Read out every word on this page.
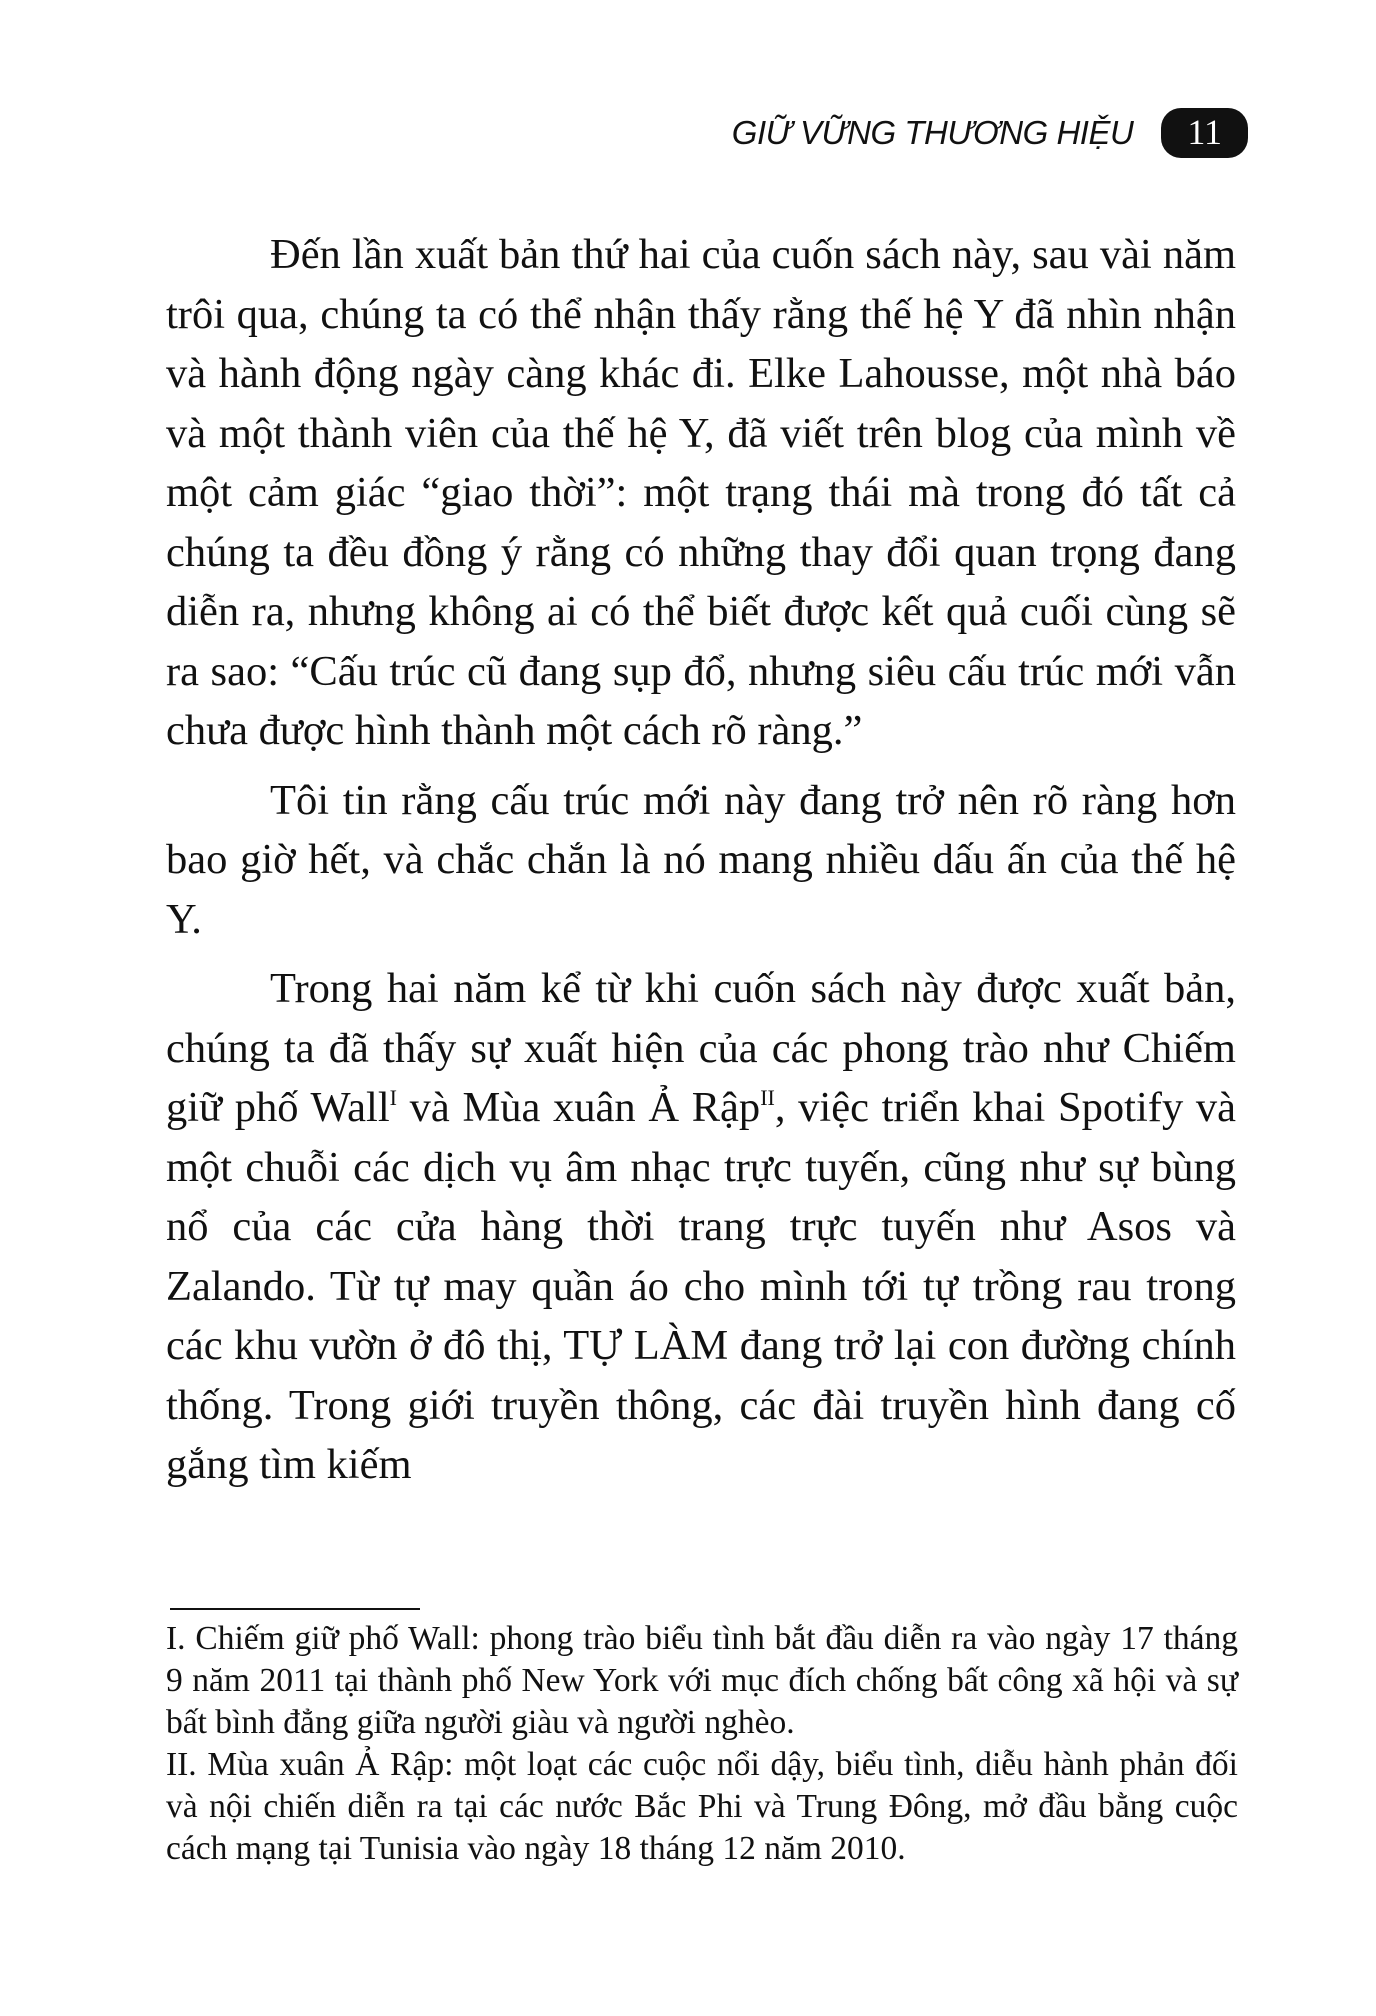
GIỮ VỮNG THƯƠNG HIỆU	11

Đến lần xuất bản thứ hai của cuốn sách này, sau vài năm trôi qua, chúng ta có thể nhận thấy rằng thế hệ Y đã nhìn nhận và hành động ngày càng khác đi. Elke Lahousse, một nhà báo và một thành viên của thế hệ Y, đã viết trên blog của mình về một cảm giác “giao thời”: một trạng thái mà trong đó tất cả chúng ta đều đồng ý rằng có những thay đổi quan trọng đang diễn ra, nhưng không ai có thể biết được kết quả cuối cùng sẽ ra sao: “Cấu trúc cũ đang sụp đổ, nhưng siêu cấu trúc mới vẫn chưa được hình thành một cách rõ ràng.”

Tôi tin rằng cấu trúc mới này đang trở nên rõ ràng hơn bao giờ hết, và chắc chắn là nó mang nhiều dấu ấn của thế hệ Y.

Trong hai năm kể từ khi cuốn sách này được xuất bản, chúng ta đã thấy sự xuất hiện của các phong trào như Chiếm giữ phố Wall$^I$ và Mùa xuân Ả Rập$^{II}$, việc triển khai Spotify và một chuỗi các dịch vụ âm nhạc trực tuyến, cũng như sự bùng nổ của các cửa hàng thời trang trực tuyến như Asos và Zalando. Từ tự may quần áo cho mình tới tự trồng rau trong các khu vườn ở đô thị, TỰ LÀM đang trở lại con đường chính thống. Trong giới truyền thông, các đài truyền hình đang cố gắng tìm kiếm

I. Chiếm giữ phố Wall: phong trào biểu tình bắt đầu diễn ra vào ngày 17 tháng 9 năm 2011 tại thành phố New York với mục đích chống bất công xã hội và sự bất bình đẳng giữa người giàu và người nghèo.

II. Mùa xuân Ả Rập: một loạt các cuộc nổi dậy, biểu tình, diễu hành phản đối và nội chiến diễn ra tại các nước Bắc Phi và Trung Đông, mở đầu bằng cuộc cách mạng tại Tunisia vào ngày 18 tháng 12 năm 2010.
